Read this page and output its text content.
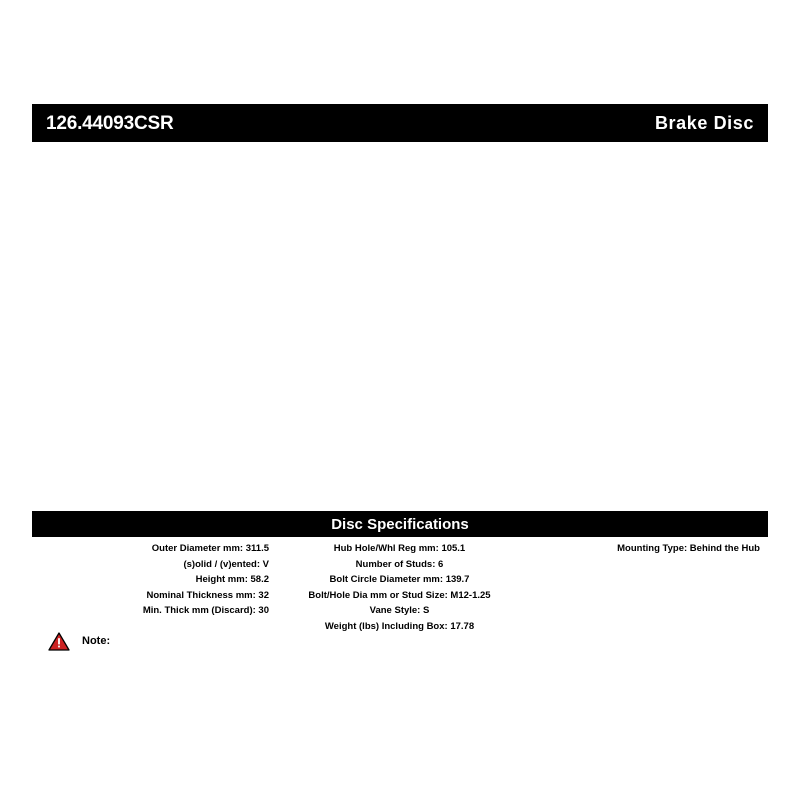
126.44093CSR	Brake Disc
Disc Specifications
Outer Diameter mm: 311.5
(s)olid / (v)ented: V
Height mm: 58.2
Nominal Thickness mm: 32
Min. Thick mm (Discard): 30
Hub Hole/Whl Reg mm: 105.1
Number of Studs: 6
Bolt Circle Diameter mm: 139.7
Bolt/Hole Dia mm or Stud Size: M12-1.25
Vane Style: S
Weight (lbs) Including Box: 17.78
Mounting Type: Behind the Hub
Note:
